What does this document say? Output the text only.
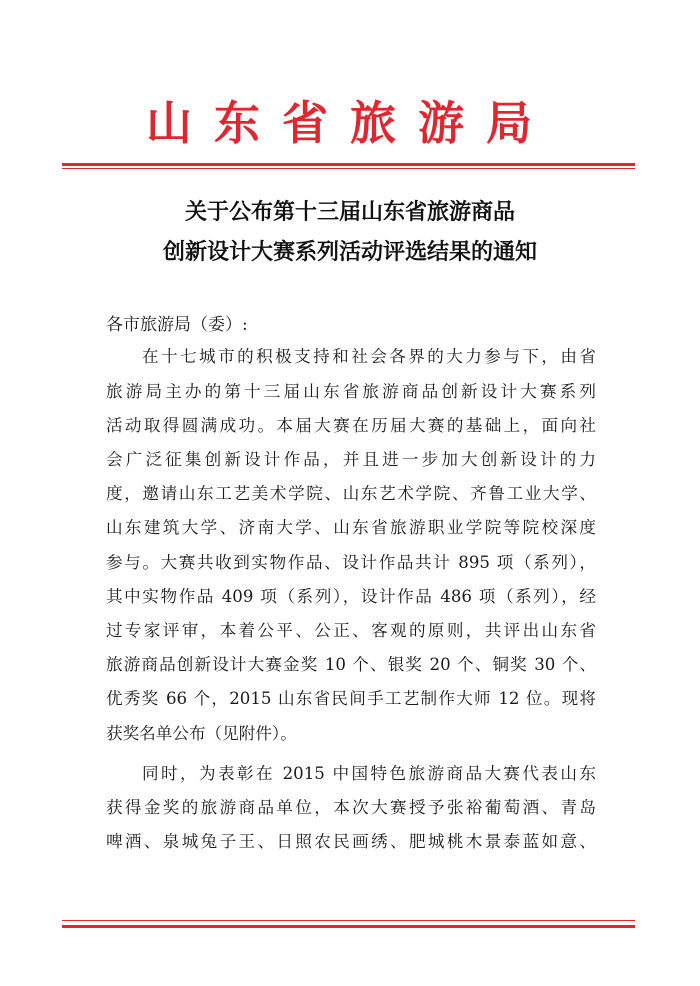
山东省旅游局
关于公布第十三届山东省旅游商品
创新设计大赛系列活动评选结果的通知
各市旅游局（委）:
在十七城市的积极支持和社会各界的大力参与下，由省
旅游局主办的第十三届山东省旅游商品创新设计大赛系列
活动取得圆满成功。本届大赛在历届大赛的基础上，面向社
会广泛征集创新设计作品，并且进一步加大创新设计的力
度，邀请山东工艺美术学院、山东艺术学院、齐鲁工业大学、
山东建筑大学、济南大学、山东省旅游职业学院等院校深度
参与。大赛共收到实物作品、设计作品共计 895 项（系列），
其中实物作品 409 项（系列），设计作品 486 项（系列），经
过专家评审，本着公平、公正、客观的原则，共评出山东省
旅游商品创新设计大赛金奖 10 个、银奖 20 个、铜奖 30 个、
优秀奖 66 个，2015 山东省民间手工艺制作大师 12 位。现将
获奖名单公布（见附件）。
同时，为表彰在 2015 中国特色旅游商品大赛代表山东
获得金奖的旅游商品单位，本次大赛授予张裕葡萄酒、青岛
啤酒、泉城兔子王、日照农民画绣、肥城桃木景泰蓝如意、
